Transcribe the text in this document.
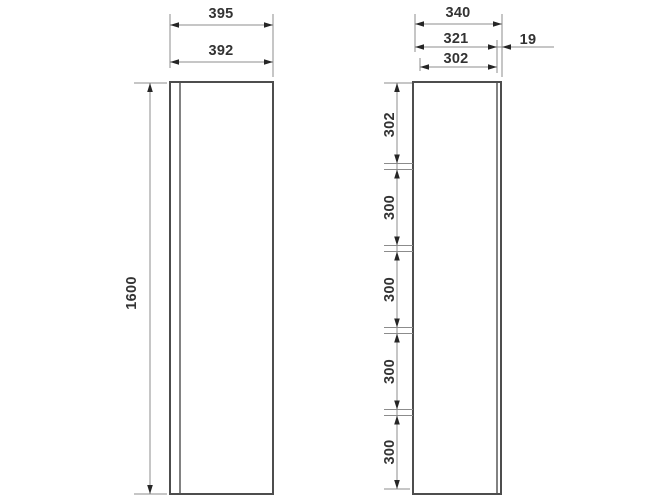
395
392
1600
340
321	19
302
302
300
300
300
300
